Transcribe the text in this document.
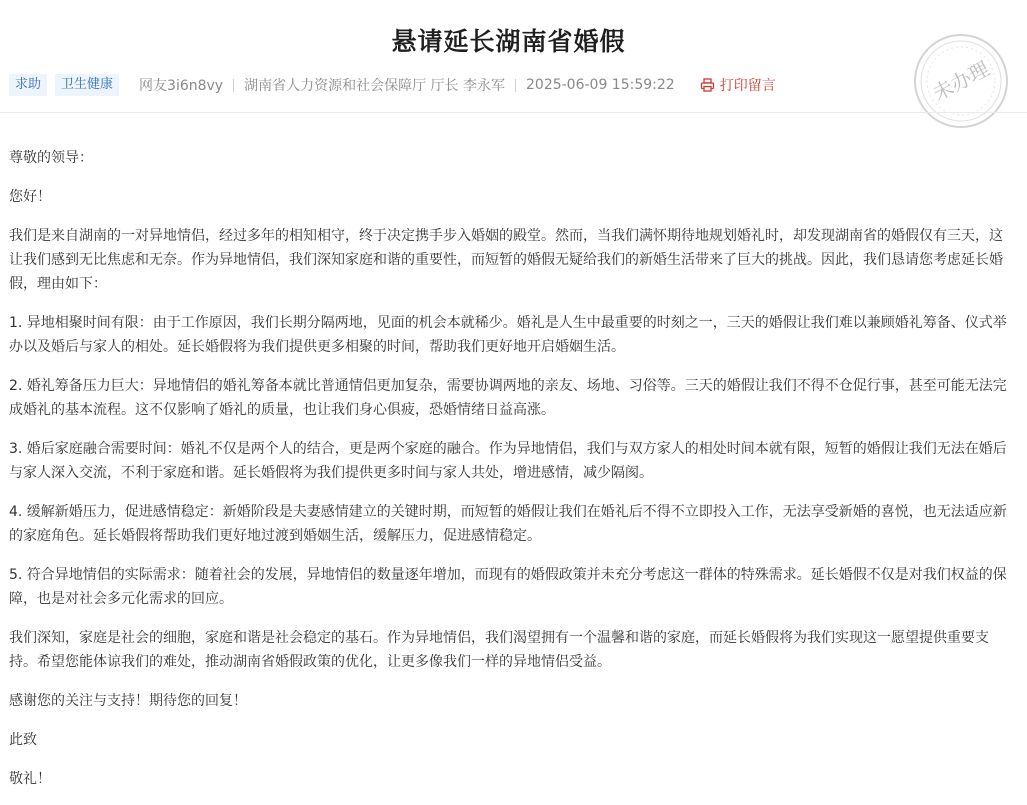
悬请延长湖南省婚假
求助	卫生健康	网友3i6n8vy 湖南省人力资源和社会保障厅 厅长 李永军 2025-06-09 15:59:22	打印留言	未办理

尊敬的领导：

您好！

我们是来自湖南的一对异地情侣，经过多年的相知相守，终于决定携手步入婚姻的殿堂。然而，当我们满怀期待地规划婚礼时，却发现湖南省的婚假仅有三天，这让我们感到无比焦虑和无奈。作为异地情侣，我们深知家庭和谐的重要性，而短暂的婚假无疑给我们的新婚生活带来了巨大的挑战。因此，我们恳请您考虑延长婚假，理由如下：

1. 异地相聚时间有限：由于工作原因，我们长期分隔两地，见面的机会本就稀少。婚礼是人生中最重要的时刻之一，三天的婚假让我们难以兼顾婚礼筹备、仪式举办以及婚后与家人的相处。延长婚假将为我们提供更多相聚的时间，帮助我们更好地开启婚姻生活。

2. 婚礼筹备压力巨大：异地情侣的婚礼筹备本就比普通情侣更加复杂，需要协调两地的亲友、场地、习俗等。三天的婚假让我们不得不仓促行事，甚至可能无法完成婚礼的基本流程。这不仅影响了婚礼的质量，也让我们身心俱疲，恐婚情绪日益高涨。

3. 婚后家庭融合需要时间：婚礼不仅是两个人的结合，更是两个家庭的融合。作为异地情侣，我们与双方家人的相处时间本就有限，短暂的婚假让我们无法在婚后与家人深入交流，不利于家庭和谐。延长婚假将为我们提供更多时间与家人共处，增进感情，减少隔阂。

4. 缓解新婚压力，促进感情稳定：新婚阶段是夫妻感情建立的关键时期，而短暂的婚假让我们在婚礼后不得不立即投入工作，无法享受新婚的喜悦，也无法适应新的家庭角色。延长婚假将帮助我们更好地过渡到婚姻生活，缓解压力，促进感情稳定。

5. 符合异地情侣的实际需求：随着社会的发展，异地情侣的数量逐年增加，而现有的婚假政策并未充分考虑这一群体的特殊需求。延长婚假不仅是对我们权益的保障，也是对社会多元化需求的回应。

我们深知，家庭是社会的细胞，家庭和谐是社会稳定的基石。作为异地情侣，我们渴望拥有一个温馨和谐的家庭，而延长婚假将为我们实现这一愿望提供重要支持。希望您能体谅我们的难处，推动湖南省婚假政策的优化，让更多像我们一样的异地情侣受益。

感谢您的关注与支持！期待您的回复！

此致

敬礼！
